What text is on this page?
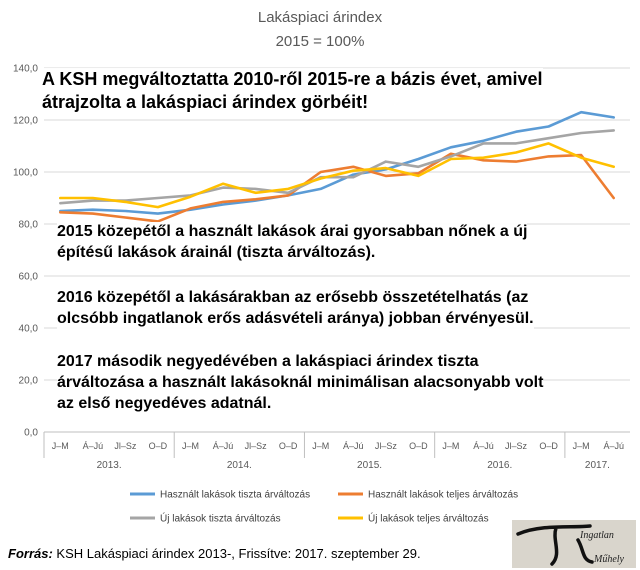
Lakáspiaci árindex
2015 = 100%
0,0
20,0
40,0
60,0
80,0
100,0
120,0
140,0
J–M Á–Jú Jl–Sz O–D J–M Á–Jú Jl–Sz O–D J–M Á–Jú Jl–Sz O–D J–M Á–Jú Jl–Sz O–D J–M Á–Jú
2013.	2014.	2015.	2016.	2017.
Használt lakások tiszta árváltozás	Használt lakások teljes árváltozás
Új lakások tiszta árváltozás	Új lakások teljes árváltozás
A KSH megváltoztatta 2010-ről 2015-re a bázis évet, amivel
átrajzolta a lakáspiaci árindex görbéit!
2015 közepétől a használt lakások árai gyorsabban nőnek a új
építésű lakások árainál (tiszta árváltozás).
2016 közepétől a lakásárakban az erősebb összetételhatás (az
olcsóbb ingatlanok erős adásvételi aránya) jobban érvényesül.
2017 második negyedévében a lakáspiaci árindex tiszta
árváltozása a használt lakásoknál minimálisan alacsonyabb volt
az első negyedéves adatnál.
Forrás: KSH Lakáspiaci árindex 2013-, Frissítve: 2017. szeptember 29.
Ingatlan
Műhely
